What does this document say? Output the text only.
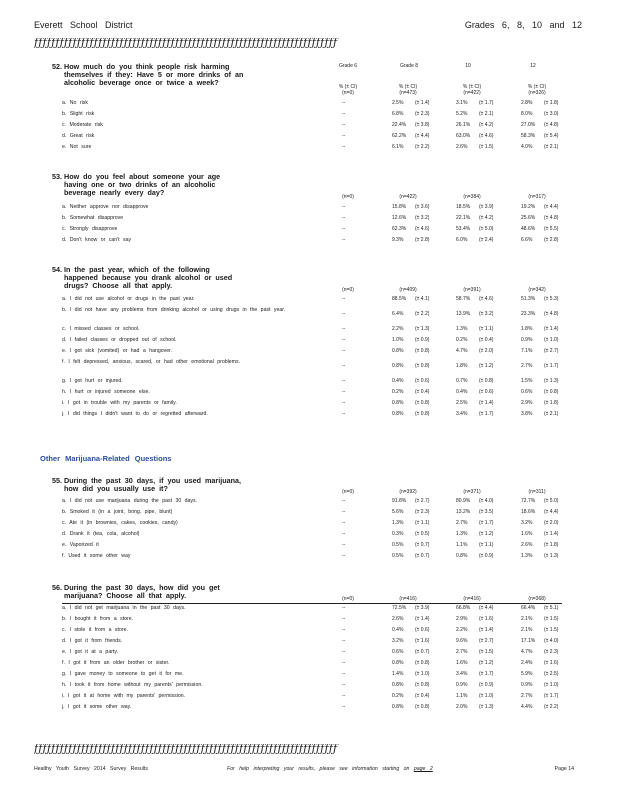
Everett School District	Grades 6, 8, 10 and 12
ƒƒƒƒƒƒƒƒƒƒƒƒƒƒƒƒƒƒƒƒƒƒƒƒƒƒƒƒƒƒƒƒƒƒƒƒƒƒƒƒƒƒƒƒƒƒƒƒƒƒƒƒƒƒƒƒƒƒƒƒƒƒƒƒƒƒƒƒƒƒƒ
Grade 6	Grade 8	10	12
% (± CI)	% (± CI)	% (± CI)	% (± CI)
(n=0)	(n=473)	(n=422)	(n=326)
52. How much do you think people risk harming
themselves if they: Have 5 or more drinks of an
alcoholic beverage once or twice a week?
a. No risk	--	2.5% (± 1.4)	3.1% (± 1.7)	2.8% (± 1.8)
b. Slight risk	--	6.8% (± 2.3)	5.2% (± 2.1)	8.0% (± 3.0)
c. Moderate risk	--	22.4% (± 3.8)	26.1% (± 4.2)	27.0% (± 4.8)
d. Great risk	--	62.2% (± 4.4)	63.0% (± 4.6)	58.3% (± 5.4)
e. Not sure	--	6.1% (± 2.2)	2.6% (± 1.5)	4.0% (± 2.1)
53. How do you feel about someone your age
having one or two drinks of an alcoholic
beverage nearly every day?	(n=0)	(n=422)	(n=384)	(n=317)
a. Neither approve nor disapprove	--	15.8% (± 3.6)	18.5% (± 3.9)	19.2% (± 4.4)
b. Somewhat disapprove	--	12.6% (± 3.2)	22.1% (± 4.2)	25.6% (± 4.8)
c. Strongly disapprove	--	62.3% (± 4.6)	53.4% (± 5.0)	48.6% (± 5.5)
d. Don't know or can't say	--	9.3% (± 2.8)	6.0% (± 2.4)	6.6% (± 2.8)
54. In the past year, which of the following
happened because you drank alcohol or used
drugs? Choose all that apply.	(n=0)	(n=409)	(n=391)	(n=342)
a. I did not use alcohol or drugs in the past year.	--	88.5% (± 4.1)	58.7% (± 4.6)	51.3% (± 5.3)
b. I did not have any problems from drinking alcohol or using drugs in the past year.
--	6.4% (± 2.2)	13.9% (± 3.2)	23.3% (± 4.8)
c. I missed classes or school.	--	2.2% (± 1.3)	1.3% (± 1.1)	1.8% (± 1.4)
d. I failed classes or dropped out of school.	--	1.0% (± 0.9)	0.2% (± 0.4)	0.9% (± 1.0)
e. I got sick (vomited) or had a hangover.	--	0.8% (± 0.8)	4.7% (± 2.0)	7.1% (± 2.7)
f. I felt depressed, anxious, scared, or had other emotional problems.
--	0.8% (± 0.8)	1.8% (± 1.2)	2.7% (± 1.7)
g. I got hurt or injured.	--	0.4% (± 0.6)	0.7% (± 0.8)	1.5% (± 1.3)
h. I hurt or injured someone else.	--	0.2% (± 0.4)	0.4% (± 0.6)	0.6% (± 0.8)
i. I got in trouble with my parents or family.	--	0.8% (± 0.8)	2.5% (± 1.4)	2.9% (± 1.8)
j. I did things I didn't want to do or regretted afterward.	--	0.8% (± 0.8)	3.4% (± 1.7)	3.8% (± 2.1)
Other Marijuana-Related Questions
55. During the past 30 days, if you used marijuana,
how did you usually use it?	(n=0)	(n=392)	(n=371)	(n=311)
a. I did not use marijuana during the past 30 days.	--	91.8% (± 2.7)	80.9% (± 4.0)	72.7% (± 5.0)
b. Smoked it (in a joint, bong, pipe, blunt)	--	5.6% (± 2.3)	13.2% (± 3.5)	18.6% (± 4.4)
c. Ate it (in brownies, cakes, cookies, candy)	--	1.3% (± 1.1)	2.7% (± 1.7)	3.2% (± 2.0)
d. Drank it (tea, cola, alcohol)	--	0.3% (± 0.5)	1.3% (± 1.2)	1.6% (± 1.4)
e. Vaporized it	--	0.5% (± 0.7)	1.1% (± 1.1)	2.6% (± 1.8)
f. Used it some other way	--	0.5% (± 0.7)	0.8% (± 0.9)	1.3% (± 1.3)
56. During the past 30 days, how did you get
marijuana? Choose all that apply.	(n=0)	(n=416)	(n=416)	(n=368)
a. I did not get marijuana in the past 30 days.	--	72.5% (± 3.9)	66.8% (± 4.4)	66.4% (± 5.1)
b. I bought it from a store.	--	2.6% (± 1.4)	2.9% (± 1.6)	2.1% (± 1.5)
c. I stole it from a store.	--	0.4% (± 0.6)	2.2% (± 1.4)	2.1% (± 1.5)
d. I got it from friends.	--	3.2% (± 1.6)	9.6% (± 2.7)	17.1% (± 4.0)
e. I got it at a party.	--	0.6% (± 0.7)	2.7% (± 1.5)	4.7% (± 2.3)
f. I got it from an older brother or sister.	--	0.8% (± 0.8)	1.6% (± 1.2)	2.4% (± 1.6)
g. I gave money to someone to get it for me.	--	1.4% (± 1.0)	3.4% (± 1.7)	5.9% (± 2.5)
h. I took it from home without my parents' permission.	--	0.8% (± 0.8)	0.9% (± 0.9)	0.9% (± 1.0)
i. I got it at home with my parents' permission.	--	0.2% (± 0.4)	1.1% (± 1.0)	2.7% (± 1.7)
j. I got it some other way.	--	0.8% (± 0.8)	2.0% (± 1.3)	4.4% (± 2.2)
ƒƒƒƒƒƒƒƒƒƒƒƒƒƒƒƒƒƒƒƒƒƒƒƒƒƒƒƒƒƒƒƒƒƒƒƒƒƒƒƒƒƒƒƒƒƒƒƒƒƒƒƒƒƒƒƒƒƒƒƒƒƒƒƒƒƒƒƒƒƒƒ
Healthy Youth Survey 2014 Survey Results	For help interpreting your results, please see information starting on page 2	Page 14
